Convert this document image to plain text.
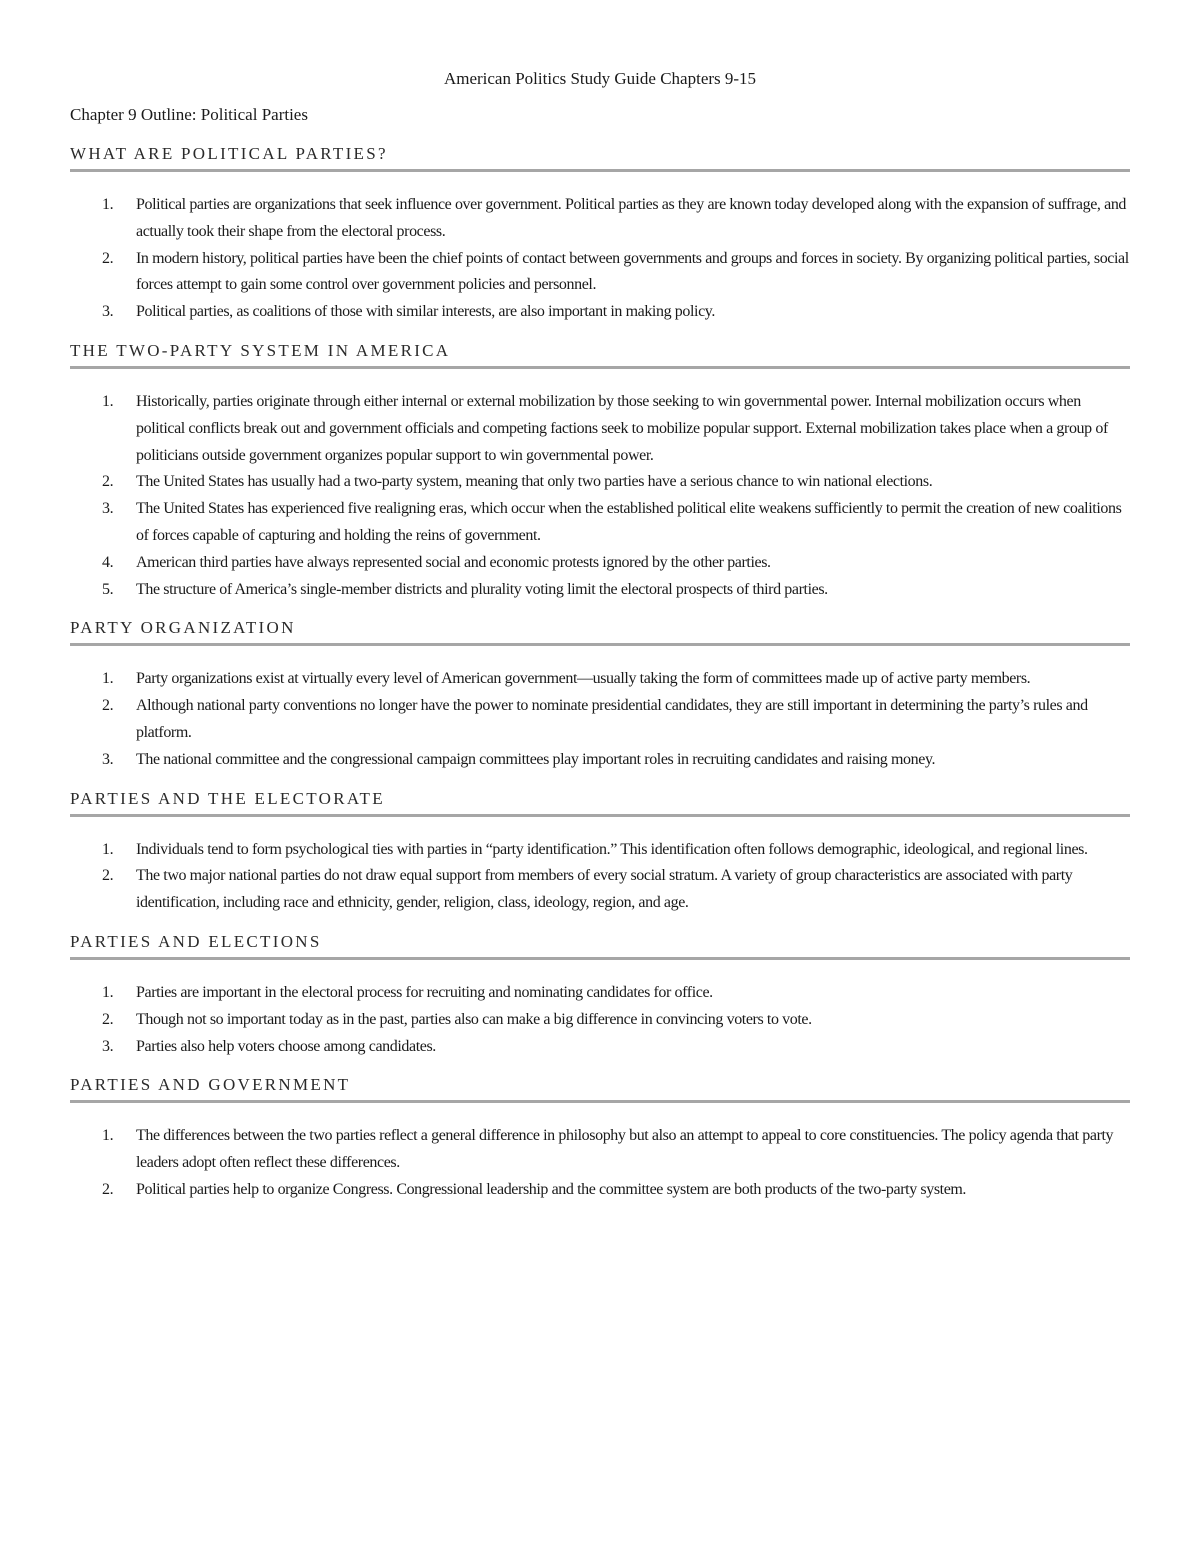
American Politics Study Guide Chapters 9-15
Chapter 9 Outline: Political Parties
WHAT ARE POLITICAL PARTIES?
1. Political parties are organizations that seek influence over government. Political parties as they are known today developed along with the expansion of suffrage, and actually took their shape from the electoral process.
2. In modern history, political parties have been the chief points of contact between governments and groups and forces in society. By organizing political parties, social forces attempt to gain some control over government policies and personnel.
3. Political parties, as coalitions of those with similar interests, are also important in making policy.
THE TWO-PARTY SYSTEM IN AMERICA
1. Historically, parties originate through either internal or external mobilization by those seeking to win governmental power. Internal mobilization occurs when political conflicts break out and government officials and competing factions seek to mobilize popular support. External mobilization takes place when a group of politicians outside government organizes popular support to win governmental power.
2. The United States has usually had a two-party system, meaning that only two parties have a serious chance to win national elections.
3. The United States has experienced five realigning eras, which occur when the established political elite weakens sufficiently to permit the creation of new coalitions of forces capable of capturing and holding the reins of government.
4. American third parties have always represented social and economic protests ignored by the other parties.
5. The structure of America’s single-member districts and plurality voting limit the electoral prospects of third parties.
PARTY ORGANIZATION
1. Party organizations exist at virtually every level of American government—usually taking the form of committees made up of active party members.
2. Although national party conventions no longer have the power to nominate presidential candidates, they are still important in determining the party’s rules and platform.
3. The national committee and the congressional campaign committees play important roles in recruiting candidates and raising money.
PARTIES AND THE ELECTORATE
1. Individuals tend to form psychological ties with parties in “party identification.” This identification often follows demographic, ideological, and regional lines.
2. The two major national parties do not draw equal support from members of every social stratum. A variety of group characteristics are associated with party identification, including race and ethnicity, gender, religion, class, ideology, region, and age.
PARTIES AND ELECTIONS
1. Parties are important in the electoral process for recruiting and nominating candidates for office.
2. Though not so important today as in the past, parties also can make a big difference in convincing voters to vote.
3. Parties also help voters choose among candidates.
PARTIES AND GOVERNMENT
1. The differences between the two parties reflect a general difference in philosophy but also an attempt to appeal to core constituencies. The policy agenda that party leaders adopt often reflect these differences.
2. Political parties help to organize Congress. Congressional leadership and the committee system are both products of the two-party system.
